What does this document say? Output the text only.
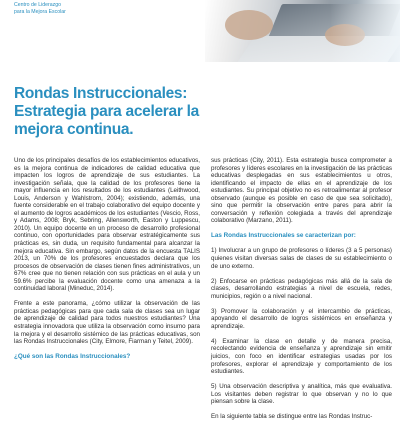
Centro de Liderazgo
para la Mejora Escolar
Rondas Instruccionales: Estrategia para acelerar la mejora continua.

Uno de los principales desafíos de los establecimientos educativos, es la mejora continua de indicadores de calidad educativa que impacten los logros de aprendizaje de sus estudiantes. La investigación señala, que la calidad de los profesores tiene la mayor influencia en los resultados de los estudiantes (Leithwood, Louis, Anderson y Wahlstrom, 2004); existiendo, además, una fuente considerable en el trabajo colaborativo del equipo docente y el aumento de logros académicos de los estudiantes (Vescio, Ross, y Adams, 2008; Bryk, Sebring, Allensworth, Easton y Luppescu, 2010). Un equipo docente en un proceso de desarrollo profesional continuo, con oportunidades para observar estratégicamente sus prácticas es, sin duda, un requisito fundamental para alcanzar la mejora educativa. Sin embargo, según datos de la encuesta TALIS 2013, un 70% de los profesores encuestados declara que los procesos de observación de clases tienen fines administrativos, un 67% cree que no tienen relación con sus prácticas en el aula y un 59.6% percibe la evaluación docente como una amenaza a la continuidad laboral (Mineduc, 2014).

Frente a este panorama, ¿cómo utilizar la observación de las prácticas pedagógicas para que cada sala de clases sea un lugar de aprendizaje de calidad para todos nuestros estudiantes? Una estrategia innovadora que utiliza la observación como insumo para la mejora y el desarrollo sistémico de las prácticas educativas, son las Rondas Instruccionales (City, Elmore, Fiarman y Teitel, 2009).

¿Qué son las Rondas Instruccionales?

sus prácticas (City, 2011). Esta estrategia busca comprometer a profesores y líderes escolares en la investigación de las prácticas educativas desplegadas en sus establecimientos u otros, identificando el impacto de ellas en el aprendizaje de los estudiantes. Su principal objetivo no es retroalimentar al profesor observado (aunque es posible en caso de que sea solicitado), sino que permitir la observación entre pares para abrir la conversación y reflexión colegiada a través del aprendizaje colaborativo (Marzano, 2011).

Las Rondas Instruccionales se caracterizan por:

1) Involucrar a un grupo de profesores o líderes (3 a 5 personas) quienes visitan diversas salas de clases de su establecimiento o de uno externo.

2) Enfocarse en prácticas pedagógicas más allá de la sala de clases, desarrollando estrategias a nivel de escuela, redes, municipios, región o a nivel nacional.

3) Promover la colaboración y el intercambio de prácticas, apoyando el desarrollo de logros sistémicos en enseñanza y aprendizaje.

4) Examinar la clase en detalle y de manera precisa, recolectando evidencia de enseñanza y aprendizaje sin emitir juicios, con foco en identificar estrategias usadas por los profesores, explorar el aprendizaje y comportamiento de los estudiantes.

5) Una observación descriptiva y analítica, más que evaluativa. Los visitantes deben registrar lo que observan y no lo que piensan sobre la clase.

En la siguiente tabla se distingue entre las Rondas Instruc-
